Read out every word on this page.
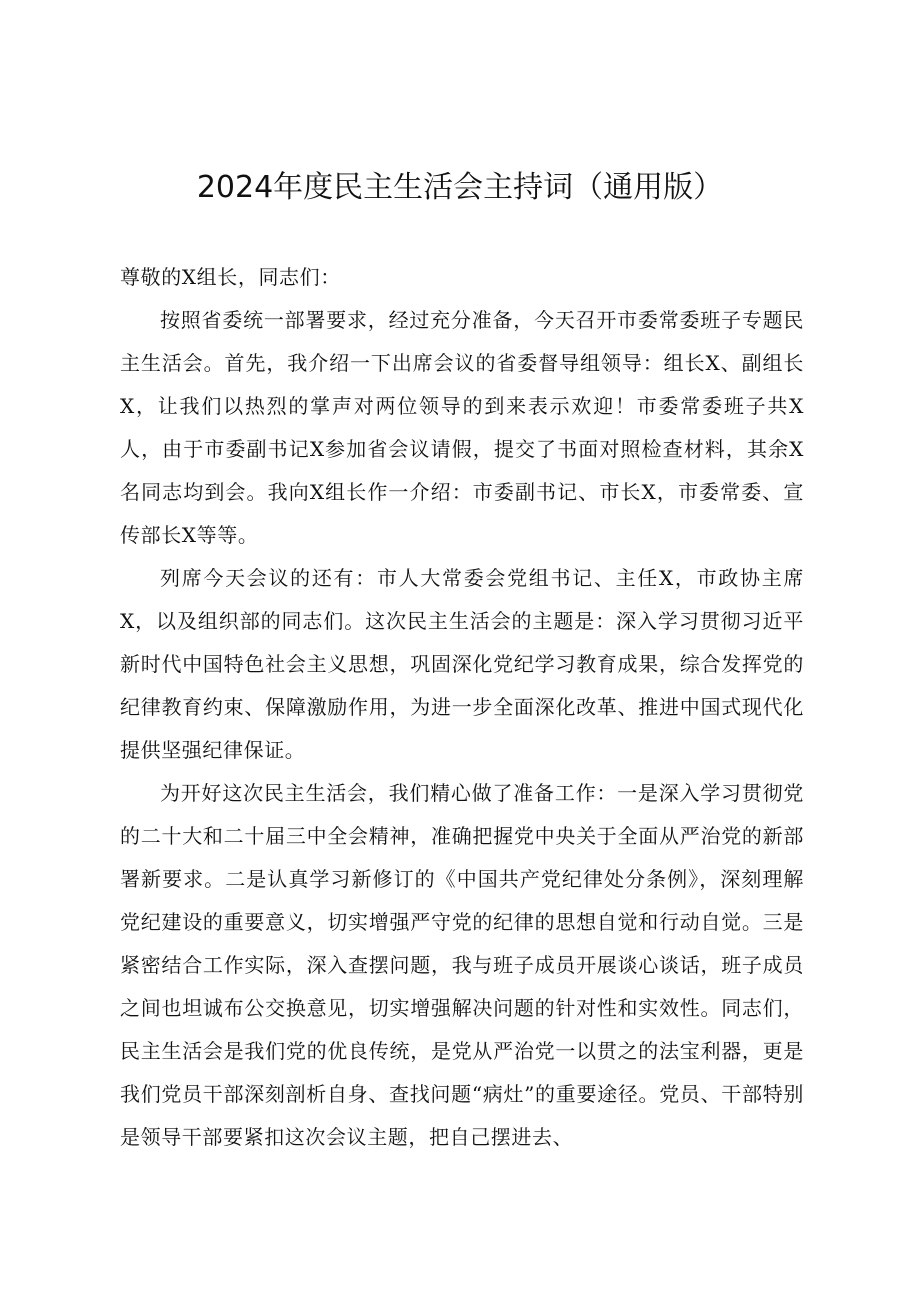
2024年度民主生活会主持词（通用版）

尊敬的X组长，同志们：

按照省委统一部署要求，经过充分准备，今天召开市委常委班子专题民主生活会。首先，我介绍一下出席会议的省委督导组领导：组长X、副组长X，让我们以热烈的掌声对两位领导的到来表示欢迎！市委常委班子共X人，由于市委副书记X参加省会议请假，提交了书面对照检查材料，其余X名同志均到会。我向X组长作一介绍：市委副书记、市长X，市委常委、宣传部长X等等。

列席今天会议的还有：市人大常委会党组书记、主任X，市政协主席X，以及组织部的同志们。这次民主生活会的主题是：深入学习贯彻习近平新时代中国特色社会主义思想，巩固深化党纪学习教育成果，综合发挥党的纪律教育约束、保障激励作用，为进一步全面深化改革、推进中国式现代化提供坚强纪律保证。

为开好这次民主生活会，我们精心做了准备工作：一是深入学习贯彻党的二十大和二十届三中全会精神，准确把握党中央关于全面从严治党的新部署新要求。二是认真学习新修订的《中国共产党纪律处分条例》，深刻理解党纪建设的重要意义，切实增强严守党的纪律的思想自觉和行动自觉。三是紧密结合工作实际，深入查摆问题，我与班子成员开展谈心谈话，班子成员之间也坦诚布公交换意见，切实增强解决问题的针对性和实效性。同志们，民主生活会是我们党的优良传统，是党从严治党一以贯之的法宝利器，更是我们党员干部深刻剖析自身、查找问题“病灶”的重要途径。党员、干部特别是领导干部要紧扣这次会议主题，把自己摆进去、
